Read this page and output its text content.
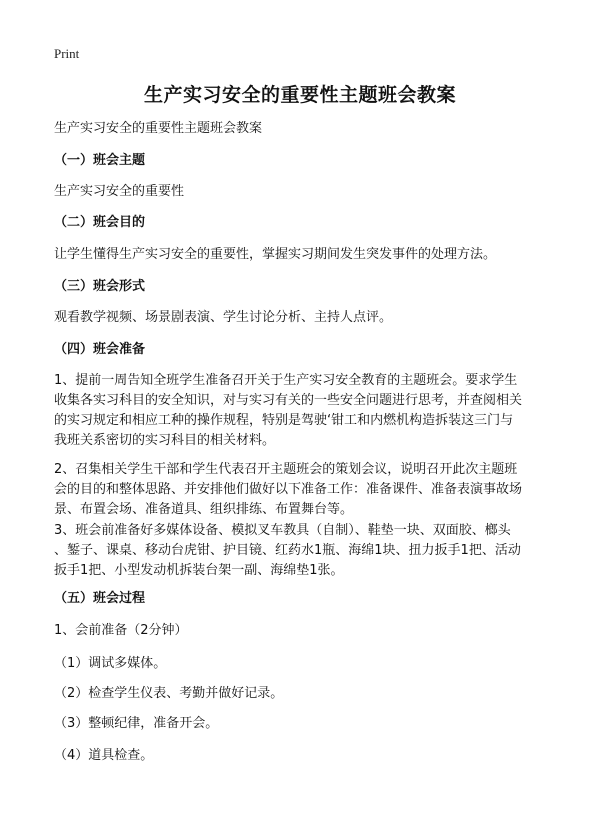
Print
生产实习安全的重要性主题班会教案

生产实习安全的重要性主题班会教案

（一）班会主题

生产实习安全的重要性

（二）班会目的

让学生懂得生产实习安全的重要性，掌握实习期间发生突发事件的处理方法。

（三）班会形式

观看教学视频、场景剧表演、学生讨论分析、主持人点评。

（四）班会准备

1、提前一周告知全班学生准备召开关于生产实习安全教育的主题班会。要求学生

收集各实习科目的安全知识，对与实习有关的一些安全问题进行思考，并查阅相关

的实习规定和相应工种的操作规程，特别是驾驶‘钳工和内燃机构造拆装这三门与

我班关系密切的实习科目的相关材料。

2、召集相关学生干部和学生代表召开主题班会的策划会议，说明召开此次主题班

会的目的和整体思路、并安排他们做好以下准备工作：准备课件、准备表演事故场

景、布置会场、准备道具、组织排练、布置舞台等。

3、班会前准备好多媒体设备、模拟叉车教具（自制）、鞋垫一块、双面胶、榔头

、錾子、课桌、移动台虎钳、护目镜、红药水1瓶、海绵1块、扭力扳手1把、活动

扳手1把、小型发动机拆装台架一副、海绵垫1张。

（五）班会过程

1、会前准备（2分钟）

（1）调试多媒体。

（2）检查学生仪表、考勤并做好记录。

（3）整顿纪律，准备开会。

（4）道具检查。
